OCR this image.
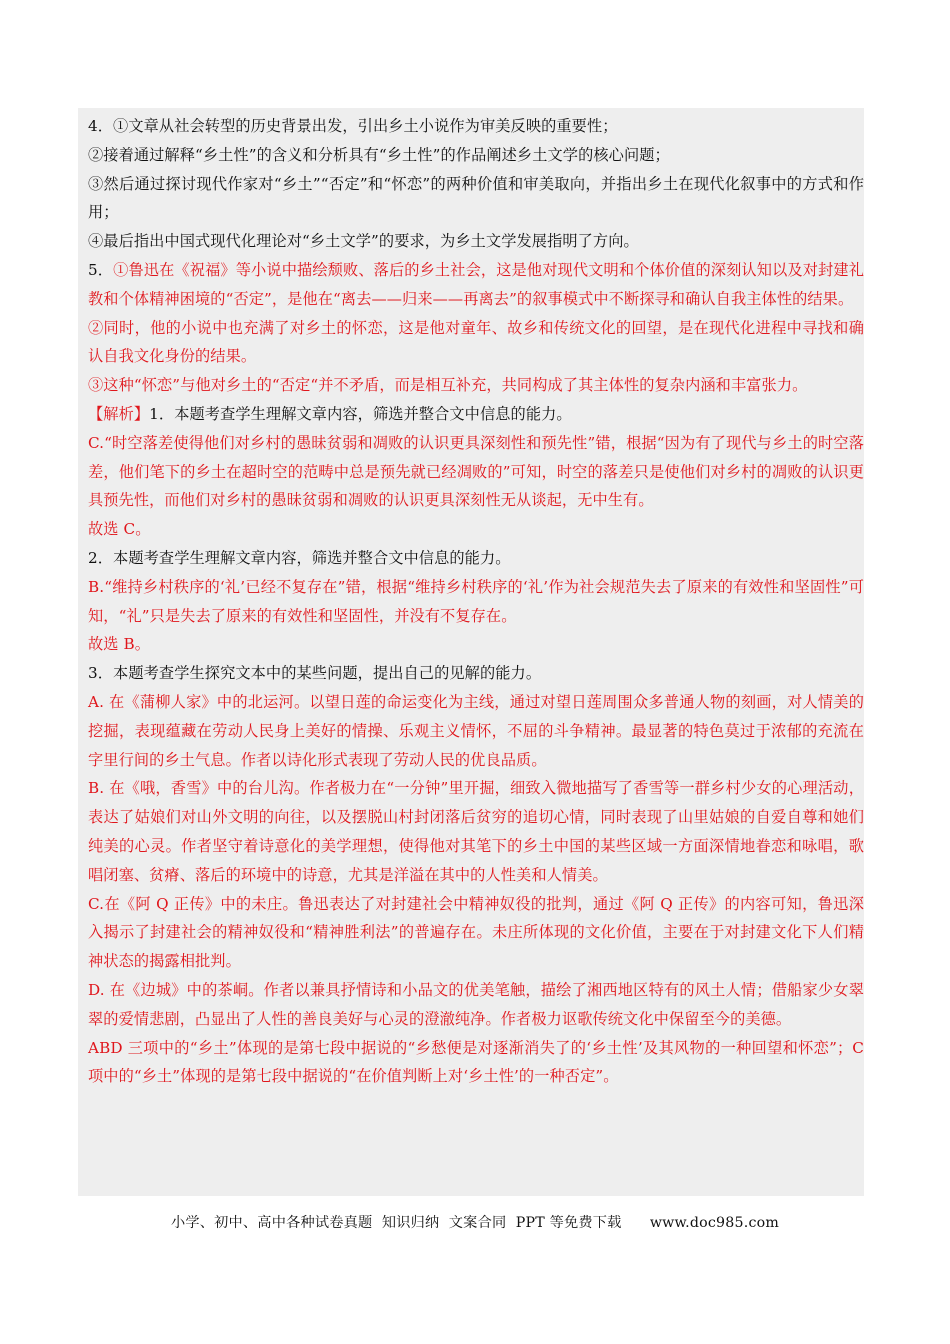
4．①文章从社会转型的历史背景出发，引出乡土小说作为审美反映的重要性；

②接着通过解释“乡土性”的含义和分析具有“乡土性”的作品阐述乡土文学的核心问题；

③然后通过探讨现代作家对“乡土”“否定”和“怀恋”的两种价值和审美取向，并指出乡土在现代化叙事中的方式和作用；

④最后指出中国式现代化理论对“乡土文学”的要求，为乡土文学发展指明了方向。

5．①鲁迅在《祝福》等小说中描绘颓败、落后的乡土社会，这是他对现代文明和个体价值的深刻认知以及对封建礼教和个体精神困境的“否定”，是他在“离去——归来——再离去”的叙事模式中不断探寻和确认自我主体性的结果。

②同时，他的小说中也充满了对乡土的怀恋，这是他对童年、故乡和传统文化的回望，是在现代化进程中寻找和确认自我文化身份的结果。

③这种“怀恋”与他对乡土的“否定“并不矛盾，而是相互补充，共同构成了其主体性的复杂内涵和丰富张力。

【解析】1．本题考查学生理解文章内容，筛选并整合文中信息的能力。

C.“时空落差使得他们对乡村的愚昧贫弱和凋败的认识更具深刻性和预先性”错，根据“因为有了现代与乡土的时空落差，他们笔下的乡土在超时空的范畴中总是预先就已经凋败的”可知，时空的落差只是使他们对乡村的凋败的认识更具预先性，而他们对乡村的愚昧贫弱和凋败的认识更具深刻性无从谈起，无中生有。

故选 C。

2．本题考查学生理解文章内容，筛选并整合文中信息的能力。

B.“维持乡村秩序的‘礼’已经不复存在”错，根据“维持乡村秩序的‘礼’作为社会规范失去了原来的有效性和坚固性”可知，“礼”只是失去了原来的有效性和坚固性，并没有不复存在。

故选 B。

3．本题考查学生探究文本中的某些问题，提出自己的见解的能力。

A. 在《蒲柳人家》中的北运河。以望日莲的命运变化为主线，通过对望日莲周围众多普通人物的刻画，对人情美的挖掘，表现蕴藏在劳动人民身上美好的情操、乐观主义情怀，不屈的斗争精神。最显著的特色莫过于浓郁的充流在字里行间的乡土气息。作者以诗化形式表现了劳动人民的优良品质。

B. 在《哦，香雪》中的台儿沟。作者极力在“一分钟”里开掘，细致入微地描写了香雪等一群乡村少女的心理活动，表达了姑娘们对山外文明的向往，以及摆脱山村封闭落后贫穷的追切心情，同时表现了山里姑娘的自爱自尊和她们纯美的心灵。作者坚守着诗意化的美学理想，使得他对其笔下的乡土中国的某些区域一方面深情地眷恋和咏唱，歌唱闭塞、贫瘠、落后的环境中的诗意，尤其是洋溢在其中的人性美和人情美。

C.在《阿 Q 正传》中的未庄。鲁迅表达了对封建社会中精神奴役的批判，通过《阿 Q 正传》的内容可知，鲁迅深入揭示了封建社会的精神奴役和“精神胜利法”的普遍存在。未庄所体现的文化价值，主要在于对封建文化下人们精神状态的揭露相批判。

D. 在《边城》中的茶峒。作者以兼具抒情诗和小品文的优美笔触，描绘了湘西地区特有的风土人情；借船家少女翠翠的爱情悲剧，凸显出了人性的善良美好与心灵的澄澈纯净。作者极力讴歌传统文化中保留至今的美德。

ABD 三项中的“乡土”体现的是第七段中据说的“乡愁便是对逐渐消失了的‘乡土性’及其风物的一种回望和怀恋”；C 项中的“乡土”体现的是第七段中据说的“在价值判断上对‘乡土性’的一种否定”。

小学、初中、高中各种试卷真题  知识归纳  文案合同  PPT 等免费下载      www.doc985.com
